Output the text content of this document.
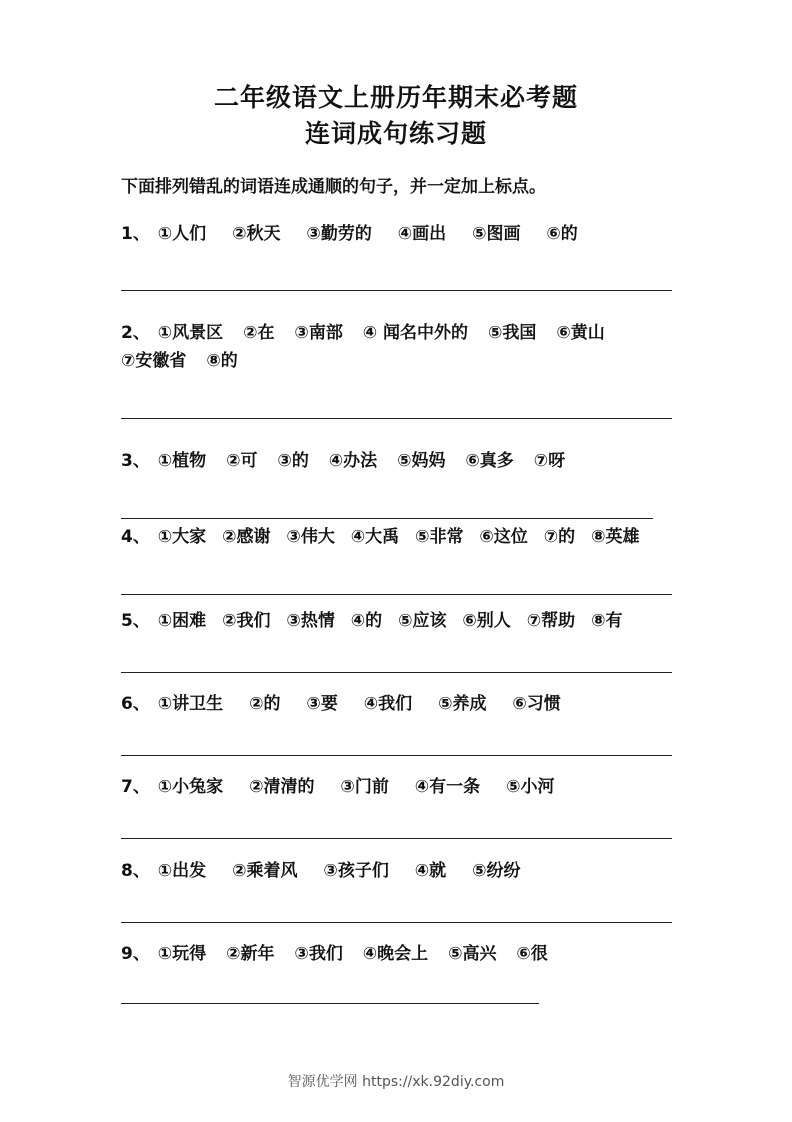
二年级语文上册历年期末必考题
连词成句练习题
下面排列错乱的词语连成通顺的句子，并一定加上标点。
1、 ①人们 ②秋天 ③勤劳的 ④画出 ⑤图画 ⑥的
2、 ①风景区 ②在 ③南部 ④ 闻名中外的 ⑤我国 ⑥黄山 ⑦安徽省 ⑧的
3、 ①植物 ②可 ③的 ④办法 ⑤妈妈 ⑥真多 ⑦呀
4、 ①大家 ②感谢 ③伟大 ④大禹 ⑤非常 ⑥这位 ⑦的 ⑧英雄
5、 ①困难 ②我们 ③热情 ④的 ⑤应该 ⑥别人 ⑦帮助 ⑧有
6、 ①讲卫生 ②的 ③要 ④我们 ⑤养成 ⑥习惯
7、 ①小兔家 ②清清的 ③门前 ④有一条 ⑤小河
8、 ①出发 ②乘着风 ③孩子们 ④就 ⑤纷纷
9、 ①玩得 ②新年 ③我们 ④晚会上 ⑤高兴 ⑥很
智源优学网 https://xk.92diy.com
